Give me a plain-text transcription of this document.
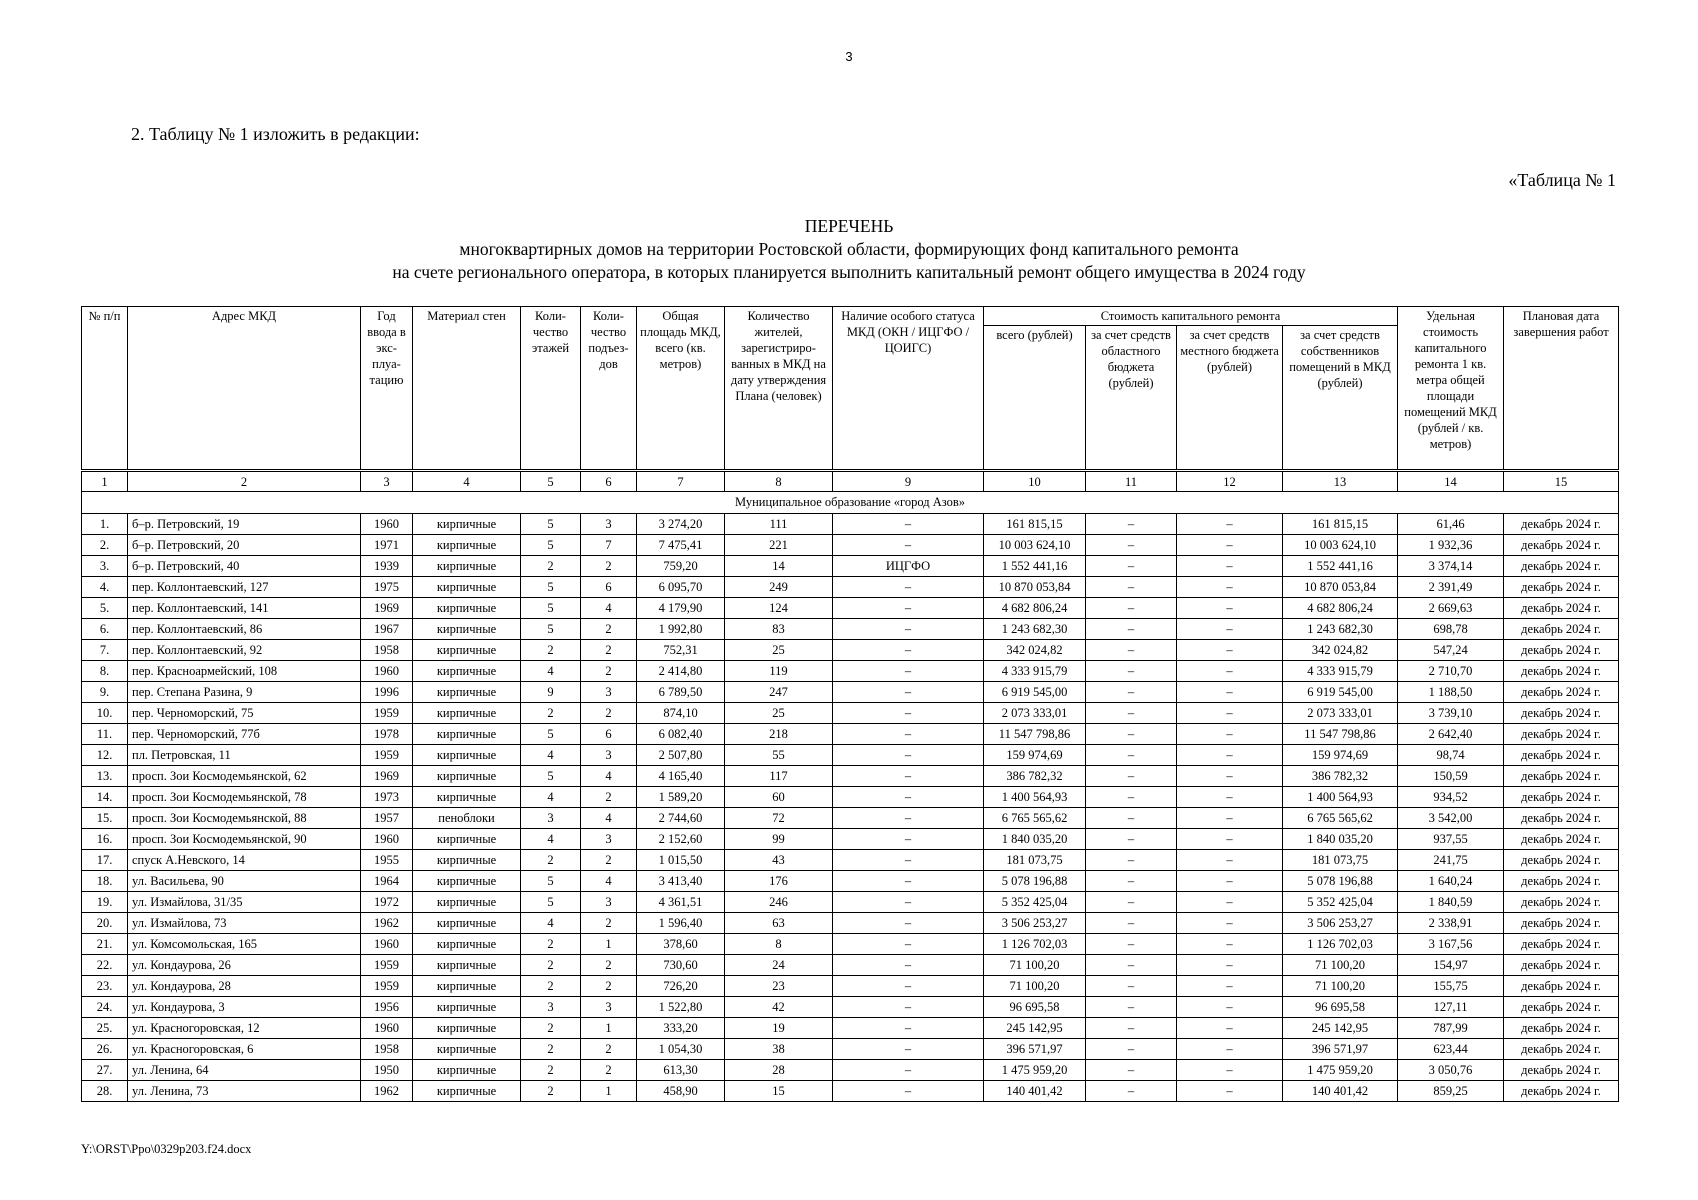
3
2. Таблицу № 1 изложить в редакции:
«Таблица № 1
ПЕРЕЧЕНЬ
многоквартирных домов на территории Ростовской области, формирующих фонд капитального ремонта
на счете регионального оператора, в которых планируется выполнить капитальный ремонт общего имущества в 2024 году
№ п/п	Адрес МКД	Год ввода в экс-плуа-тацию	Материал стен	Коли-чество этажей	Коли-чество подъез-дов	Общая площадь МКД, всего (кв. метров)	Количество жителей, зарегистриро-ванных в МКД на дату утверждения Плана (человек)	Наличие особого статуса МКД (ОКН / ИЦГФО / ЦОИГС)	Стоимость капитального ремонта				Удельная стоимость капитального ремонта 1 кв. метра общей площади помещений МКД (рублей / кв. метров)	Плановая дата завершения работ
									всего (рублей)	за счет средств областного бюджета (рублей)	за счет средств местного бюджета (рублей)	за счет средств собственников помещений в МКД (рублей)		
1	2	3	4	5	6	7	8	9	10	11	12	13	14	15
Муниципальное образование «город Азов»														
1.	б–р. Петровский, 19	1960	кирпичные	5	3	3 274,20	111	–	161 815,15	–	–	161 815,15	61,46	декабрь 2024 г.
2.	б–р. Петровский, 20	1971	кирпичные	5	7	7 475,41	221	–	10 003 624,10	–	–	10 003 624,10	1 932,36	декабрь 2024 г.
3.	б–р. Петровский, 40	1939	кирпичные	2	2	759,20	14	ИЦГФО	1 552 441,16	–	–	1 552 441,16	3 374,14	декабрь 2024 г.
4.	пер. Коллонтаевский, 127	1975	кирпичные	5	6	6 095,70	249	–	10 870 053,84	–	–	10 870 053,84	2 391,49	декабрь 2024 г.
5.	пер. Коллонтаевский, 141	1969	кирпичные	5	4	4 179,90	124	–	4 682 806,24	–	–	4 682 806,24	2 669,63	декабрь 2024 г.
6.	пер. Коллонтаевский, 86	1967	кирпичные	5	2	1 992,80	83	–	1 243 682,30	–	–	1 243 682,30	698,78	декабрь 2024 г.
7.	пер. Коллонтаевский, 92	1958	кирпичные	2	2	752,31	25	–	342 024,82	–	–	342 024,82	547,24	декабрь 2024 г.
8.	пер. Красноармейский, 108	1960	кирпичные	4	2	2 414,80	119	–	4 333 915,79	–	–	4 333 915,79	2 710,70	декабрь 2024 г.
9.	пер. Степана Разина, 9	1996	кирпичные	9	3	6 789,50	247	–	6 919 545,00	–	–	6 919 545,00	1 188,50	декабрь 2024 г.
10.	пер. Черноморский, 75	1959	кирпичные	2	2	874,10	25	–	2 073 333,01	–	–	2 073 333,01	3 739,10	декабрь 2024 г.
11.	пер. Черноморский, 77б	1978	кирпичные	5	6	6 082,40	218	–	11 547 798,86	–	–	11 547 798,86	2 642,40	декабрь 2024 г.
12.	пл. Петровская, 11	1959	кирпичные	4	3	2 507,80	55	–	159 974,69	–	–	159 974,69	98,74	декабрь 2024 г.
13.	просп. Зои Космодемьянской, 62	1969	кирпичные	5	4	4 165,40	117	–	386 782,32	–	–	386 782,32	150,59	декабрь 2024 г.
14.	просп. Зои Космодемьянской, 78	1973	кирпичные	4	2	1 589,20	60	–	1 400 564,93	–	–	1 400 564,93	934,52	декабрь 2024 г.
15.	просп. Зои Космодемьянской, 88	1957	пеноблоки	3	4	2 744,60	72	–	6 765 565,62	–	–	6 765 565,62	3 542,00	декабрь 2024 г.
16.	просп. Зои Космодемьянской, 90	1960	кирпичные	4	3	2 152,60	99	–	1 840 035,20	–	–	1 840 035,20	937,55	декабрь 2024 г.
17.	спуск А.Невского, 14	1955	кирпичные	2	2	1 015,50	43	–	181 073,75	–	–	181 073,75	241,75	декабрь 2024 г.
18.	ул. Васильева, 90	1964	кирпичные	5	4	3 413,40	176	–	5 078 196,88	–	–	5 078 196,88	1 640,24	декабрь 2024 г.
19.	ул. Измайлова, 31/35	1972	кирпичные	5	3	4 361,51	246	–	5 352 425,04	–	–	5 352 425,04	1 840,59	декабрь 2024 г.
20.	ул. Измайлова, 73	1962	кирпичные	4	2	1 596,40	63	–	3 506 253,27	–	–	3 506 253,27	2 338,91	декабрь 2024 г.
21.	ул. Комсомольская, 165	1960	кирпичные	2	1	378,60	8	–	1 126 702,03	–	–	1 126 702,03	3 167,56	декабрь 2024 г.
22.	ул. Кондаурова, 26	1959	кирпичные	2	2	730,60	24	–	71 100,20	–	–	71 100,20	154,97	декабрь 2024 г.
23.	ул. Кондаурова, 28	1959	кирпичные	2	2	726,20	23	–	71 100,20	–	–	71 100,20	155,75	декабрь 2024 г.
24.	ул. Кондаурова, 3	1956	кирпичные	3	3	1 522,80	42	–	96 695,58	–	–	96 695,58	127,11	декабрь 2024 г.
25.	ул. Красногоровская, 12	1960	кирпичные	2	1	333,20	19	–	245 142,95	–	–	245 142,95	787,99	декабрь 2024 г.
26.	ул. Красногоровская, 6	1958	кирпичные	2	2	1 054,30	38	–	396 571,97	–	–	396 571,97	623,44	декабрь 2024 г.
27.	ул. Ленина, 64	1950	кирпичные	2	2	613,30	28	–	1 475 959,20	–	–	1 475 959,20	3 050,76	декабрь 2024 г.
28.	ул. Ленина, 73	1962	кирпичные	2	1	458,90	15	–	140 401,42	–	–	140 401,42	859,25	декабрь 2024 г.
Y:\ORST\Ppo\0329p203.f24.docx
